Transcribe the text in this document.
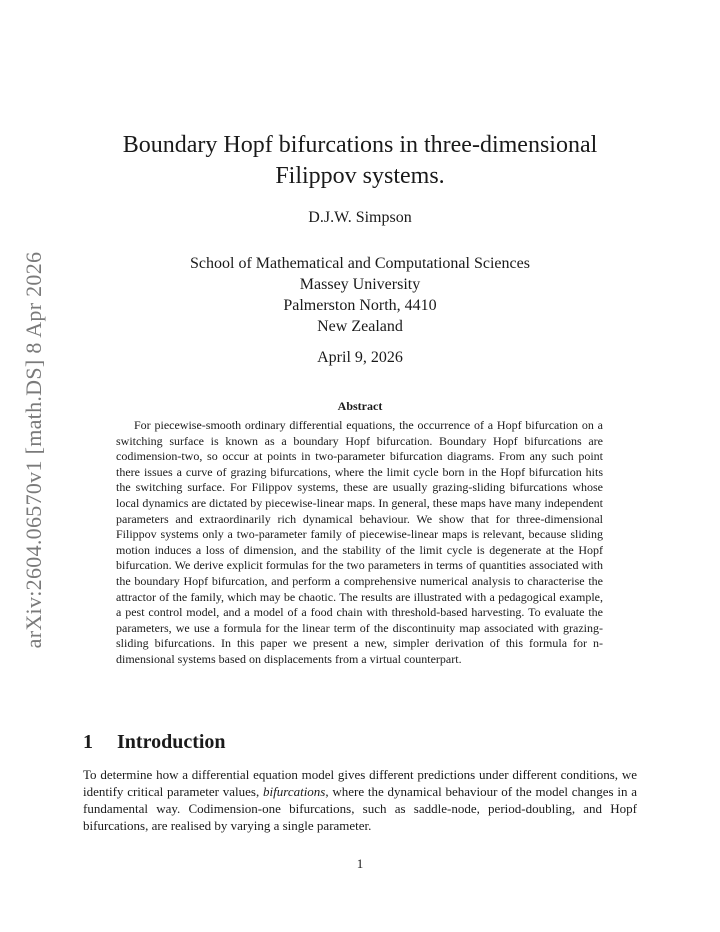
arXiv:2604.06570v1 [math.DS] 8 Apr 2026
Boundary Hopf bifurcations in three-dimensional
Filippov systems.
D.J.W. Simpson
School of Mathematical and Computational Sciences
Massey University
Palmerston North, 4410
New Zealand
April 9, 2026
Abstract

For piecewise-smooth ordinary differential equations, the occurrence of a Hopf bifurcation on a switching surface is known as a boundary Hopf bifurcation. Boundary Hopf bifurcations are codimension-two, so occur at points in two-parameter bifurcation diagrams. From any such point there issues a curve of grazing bifurcations, where the limit cycle born in the Hopf bifurcation hits the switching surface. For Filippov systems, these are usually grazing-sliding bifurcations whose local dynamics are dictated by piecewise-linear maps. In general, these maps have many independent parameters and extraordinarily rich dynamical behaviour. We show that for three-dimensional Filippov systems only a two-parameter family of piecewise-linear maps is relevant, because sliding motion induces a loss of dimension, and the stability of the limit cycle is degenerate at the Hopf bifurcation. We derive explicit formulas for the two parameters in terms of quantities associated with the boundary Hopf bifurcation, and perform a comprehensive numerical analysis to characterise the attractor of the family, which may be chaotic. The results are illustrated with a pedagogical example, a pest control model, and a model of a food chain with threshold-based harvesting. To evaluate the parameters, we use a formula for the linear term of the discontinuity map associated with grazing-sliding bifurcations. In this paper we present a new, simpler derivation of this formula for n-dimensional systems based on displacements from a virtual counterpart.

1 Introduction

To determine how a differential equation model gives different predictions under different conditions, we identify critical parameter values, bifurcations, where the dynamical behaviour of the model changes in a fundamental way. Codimension-one bifurcations, such as saddle-node, period-doubling, and Hopf bifurcations, are realised by varying a single parameter.

1
